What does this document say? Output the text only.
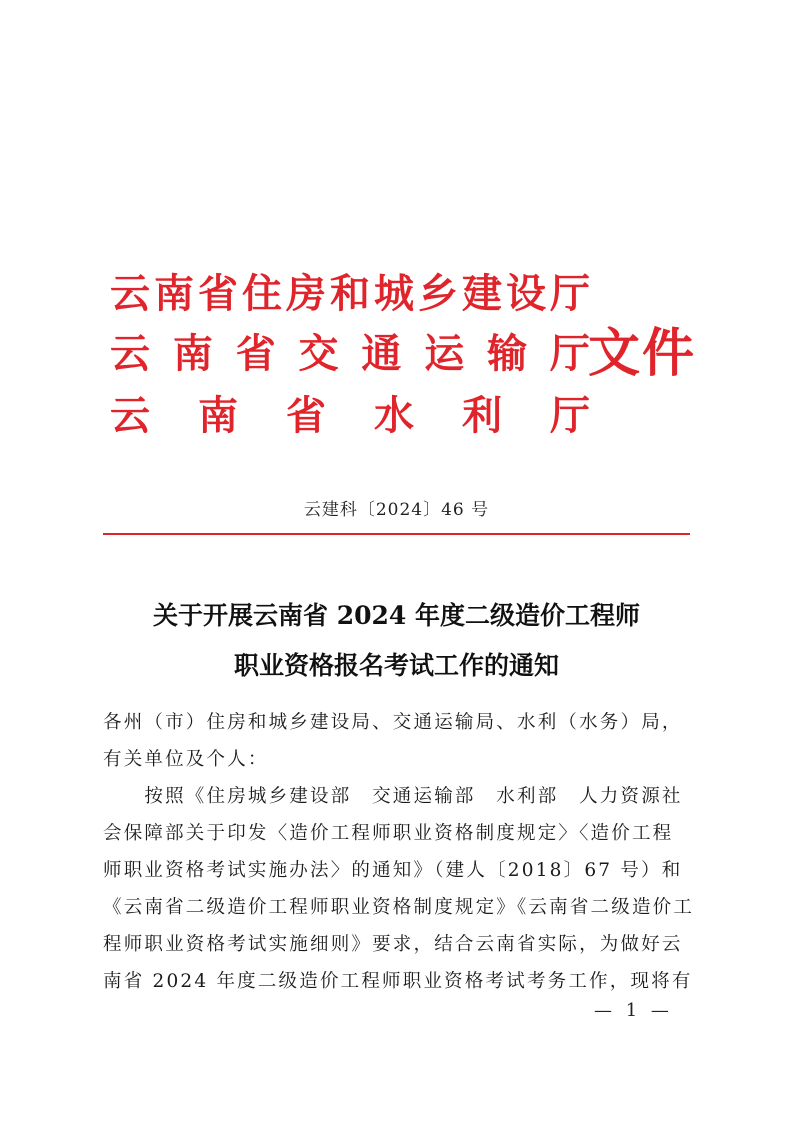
云 南 省 住 房 和 城 乡 建 设 厅
云 南 省 交 通 运 输 厅
云 南 省 水 利 厅
文件
云建科〔2024〕46 号
关于开展云南省 2024 年度二级造价工程师
职业资格报名考试工作的通知
各州（市）住房和城乡建设局、交通运输局、水利（水务）局，
有关单位及个人：
　　按照《住房城乡建设部　交通运输部　水利部　人力资源社
会保障部关于印发〈造价工程师职业资格制度规定〉〈造价工程
师职业资格考试实施办法〉的通知》（建人〔2018〕67 号）和
《云南省二级造价工程师职业资格制度规定》《云南省二级造价工
程师职业资格考试实施细则》要求，结合云南省实际，为做好云
南省 2024 年度二级造价工程师职业资格考试考务工作，现将有
— 1 —
